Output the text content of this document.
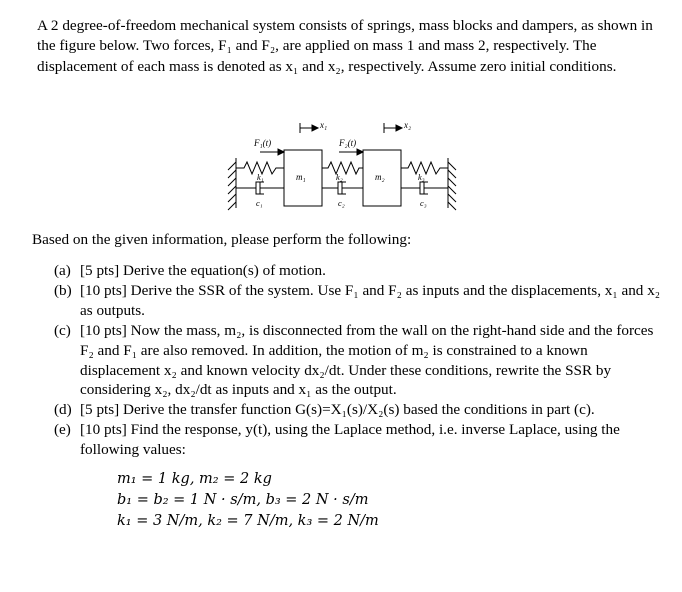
A 2 degree-of-freedom mechanical system consists of springs, mass blocks and dampers, as shown in the figure below. Two forces, F₁ and F₂, are applied on mass 1 and mass 2, respectively. The displacement of each mass is denoted as x₁ and x₂, respectively. Assume zero initial conditions.
x₁	x₂
F₁(t)	F₂(t)
m₁	m₂
k₁	k₂	k₃
c₁	c₂	c₃
Based on the given information, please perform the following:
(a) [5 pts] Derive the equation(s) of motion.
(b) [10 pts] Derive the SSR of the system. Use F₁ and F₂ as inputs and the displacements, x₁ and x₂ as outputs.
(c) [10 pts] Now the mass, m₂, is disconnected from the wall on the right-hand side and the forces F₂ and F₁ are also removed. In addition, the motion of m₂ is constrained to a known displacement x₂ and known velocity dx₂/dt. Under these conditions, rewrite the SSR by considering x₂, dx₂/dt as inputs and x₁ as the output.
(d) [5 pts] Derive the transfer function G(s)=X₁(s)/X₂(s) based the conditions in part (c).
(e) [10 pts] Find the response, y(t), using the Laplace method, i.e. inverse Laplace, using the following values:
m₁ = 1 kg, m₂ = 2 kg
b₁ = b₂ = 1 N · s/m, b₃ = 2 N · s/m
k₁ = 3 N/m, k₂ = 7 N/m, k₃ = 2 N/m
